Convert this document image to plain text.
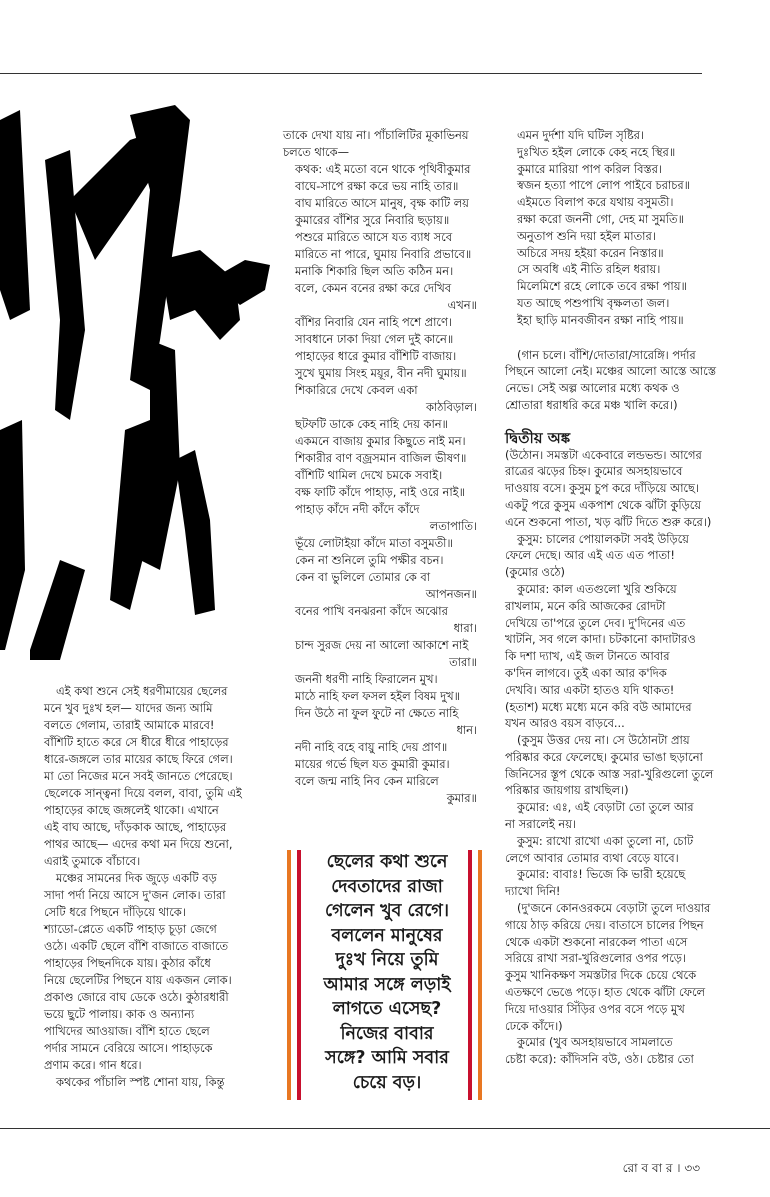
এই কথা শুনে সেই ধরণীমায়ের ছেলের

মনে খুব দুঃখ হল— যাদের জন্য আমি

বলতে গেলাম, তারাই আমাকে মারবে!

বাঁশিটি হাতে করে সে ধীরে ধীরে পাহাড়ের

ধারে-জঙ্গলে তার মায়ের কাছে ফিরে গেল।

মা তো নিজের মনে সবই জানতে পেরেছে।

ছেলেকে সান্ত্বনা দিয়ে বলল, বাবা, তুমি এই

পাহাড়ের কাছে জঙ্গলেই থাকো। এখানে

এই বাঘ আছে, দাঁড়কাক আছে, পাহাড়ের

পাথর আছে— এদের কথা মন দিয়ে শুনো,

এরাই তুমাকে বাঁচাবে।

মঞ্চের সামনের দিক জুড়ে একটি বড়

সাদা পর্দা নিয়ে আসে দু'জন লোক। তারা

সেটি ধরে পিছনে দাঁড়িয়ে থাকে।

শ্যাডো-প্লেতে একটি পাহাড় চূড়া জেগে

ওঠে। একটি ছেলে বাঁশি বাজাতে বাজাতে

পাহাড়ের পিছনদিকে যায়। কুঠার কাঁধে

নিয়ে ছেলেটির পিছনে যায় একজন লোক।

প্রকাণ্ড জোরে বাঘ ডেকে ওঠে। কুঠারধারী

ভয়ে ছুটে পালায়। কাক ও অন্যান্য

পাখিদের আওয়াজ। বাঁশি হাতে ছেলে

পর্দার সামনে বেরিয়ে আসে। পাহাড়কে

প্রণাম করে। গান ধরে।

কথকের পাঁচালি স্পষ্ট শোনা যায়, কিন্তু

তাকে দেখা যায় না। পাঁচালিটির মূকাভিনয়

চলতে থাকে—

কথক: এই মতো বনে থাকে পৃথিবীকুমার

বাঘে-সাপে রক্ষা করে ভয় নাহি তার॥

বাঘ মারিতে আসে মানুষ, বৃক্ষ কাটি লয়

কুমারের বাঁশির সুরে নিবারি ছড়ায়॥

পশুরে মারিতে আসে যত ব্যাধ সবে

মারিতে না পারে, ঘুমায় নিবারি প্রভাবে॥

মনাকি শিকারি ছিল অতি কঠিন মন।

বলে, কেমন বনের রক্ষা করে দেখিব

এখন॥

বাঁশির নিবারি যেন নাহি পশে প্রাণে।

সাবধানে ঢাকা দিয়া গেল দুই কানে॥

পাহাড়ের ধারে কুমার বাঁশিটি বাজায়।

সুখে ঘুমায় সিংহ ময়ূর, বীন নদী ঘুমায়॥

শিকারিরে দেখে কেবল একা

কাঠবিড়াল।

ছটফটি ডাকে কেহ নাহি দেয় কান॥

একমনে বাজায় কুমার কিছুতে নাই মন।

শিকারীর বাণ বজ্রসমান বাজিল ভীষণ॥

বাঁশিটি থামিল দেখে চমকে সবাই।

বক্ষ ফাটি কাঁদে পাহাড়, নাই ওরে নাই॥

পাহাড় কাঁদে নদী কাঁদে কাঁদে

লতাপাতি।

ভূঁয়ে লোটাইয়া কাঁদে মাতা বসুমতী॥

কেন না শুনিলে তুমি পক্ষীর বচন।

কেন বা ভুলিলে তোমার কে বা

আপনজন॥

বনের পাখি বনঝরনা কাঁদে অঝোর

ধারা।

চান্দ সুরজ দেয় না আলো আকাশে নাই

তারা॥

জননী ধরণী নাহি ফিরালেন মুখ।

মাঠে নাহি ফল ফসল হইল বিষম দুখ॥

দিন উঠে না ফুল ফুটে না ক্ষেতে নাহি

ধান।

নদী নাহি বহে বায়ু নাহি দেয় প্রাণ॥

মায়ের গর্ভে ছিল যত কুমারী কুমার।

বলে জন্ম নাহি নিব কেন মারিলে

কুমার॥

ছেলের কথা শুনে

দেবতাদের রাজা

গেলেন খুব রেগে।

বললেন মানুষের

দুঃখ নিয়ে তুমি

আমার সঙ্গে লড়াই

লাগতে এসেছ?

নিজের বাবার

সঙ্গে? আমি সবার

চেয়ে বড়।

এমন দুর্দশা যদি ঘটিল সৃষ্টির।

দুঃখিত হইল লোকে কেহ নহে স্থির॥

কুমারে মারিয়া পাপ করিল বিস্তর।

স্বজন হত্যা পাপে লোপ পাইবে চরাচর॥

এইমতে বিলাপ করে যথায় বসুমতী।

রক্ষা করো জননী গো, দেহ মা সুমতি॥

অনুতাপ শুনি দয়া হইল মাতার।

অচিরে সদয় হইয়া করেন নিস্তার॥

সে অবধি এই নীতি রহিল ধরায়।

মিলেমিশে রহে লোকে তবে রক্ষা পায়॥

যত আছে পশুপাখি বৃক্ষলতা জল।

ইহা ছাড়ি মানবজীবন রক্ষা নাহি পায়॥

(গান চলে। বাঁশি/দোতারা/সারেঙ্গি। পর্দার

পিছনে আলো নেই। মঞ্চের আলো আস্তে আস্তে

নেভে। সেই অল্প আলোর মধ্যে কথক ও

শ্রোতারা ধরাধরি করে মঞ্চ খালি করে।)

দ্বিতীয় অঙ্ক

(উঠোন। সমস্তটা একেবারে লন্ডভন্ড। আগের

রাত্রের ঝড়ের চিহ্ন। কুমোর অসহায়ভাবে

দাওয়ায় বসে। কুসুম চুপ করে দাঁড়িয়ে আছে।

একটু পরে কুসুম একপাশ থেকে ঝাঁটা কুড়িয়ে

এনে শুকনো পাতা, খড় ঝাঁট দিতে শুরু করে।)

কুসুম: চালের পোয়ালকটা সবই উড়িয়ে

ফেলে দেছে। আর এই এত এত পাতা!

(কুমোর ওঠে)

কুমোর: কাল এতগুলো খুরি শুকিয়ে

রাখলাম, মনে করি আজকের রোদটা

দেখিয়ে তা'পরে তুলে দেব। দু'দিনের এত

খাটনি, সব গলে কাদা। চটকানো কাদাটারও

কি দশা দ্যাখ, এই জল টানতে আবার

ক'দিন লাগবে। তুই একা আর ক'দিক

দেখবি। আর একটা হাতও যদি থাকত!

(হতাশ) মধ্যে মধ্যে মনে করি বউ আমাদের

যখন আরও বয়স বাড়বে...

(কুসুম উত্তর দেয় না। সে উঠোনটা প্রায়

পরিষ্কার করে ফেলেছে। কুমোর ভাঙা ছড়ানো

জিনিসের স্তূপ থেকে আস্ত সরা-খুরিগুলো তুলে

পরিষ্কার জায়গায় রাখছিল।)

কুমোর: এঃ, এই বেড়াটা তো তুলে আর

না সরালেই নয়।

কুসুম: রাখো রাখো একা তুলো না, চোট

লেগে আবার তোমার ব্যথা বেড়ে যাবে।

কুমোর: বাবাঃ! ভিজে কি ভারী হয়েছে

দ্যাখো দিনি!

(দু'জনে কোনওরকমে বেড়াটা তুলে দাওয়ার

গায়ে ঠাড় করিয়ে দেয়। বাতাসে চালের পিছন

থেকে একটা শুকনো নারকেল পাতা এসে

সরিয়ে রাখা সরা-খুরিগুলোর ওপর পড়ে।

কুসুম খানিকক্ষণ সমস্তটার দিকে চেয়ে থেকে

এতক্ষণে ভেঙে পড়ে। হাত থেকে ঝাঁটা ফেলে

দিয়ে দাওয়ার সিঁড়ির ওপর বসে পড়ে মুখ

ঢেকে কাঁদে।)

কুমোর (খুব অসহায়ভাবে সামলাতে

চেষ্টা করে): কাঁদিসনি বউ, ওঠ। চেষ্টার তো

রো ব বা র । ৩৩
